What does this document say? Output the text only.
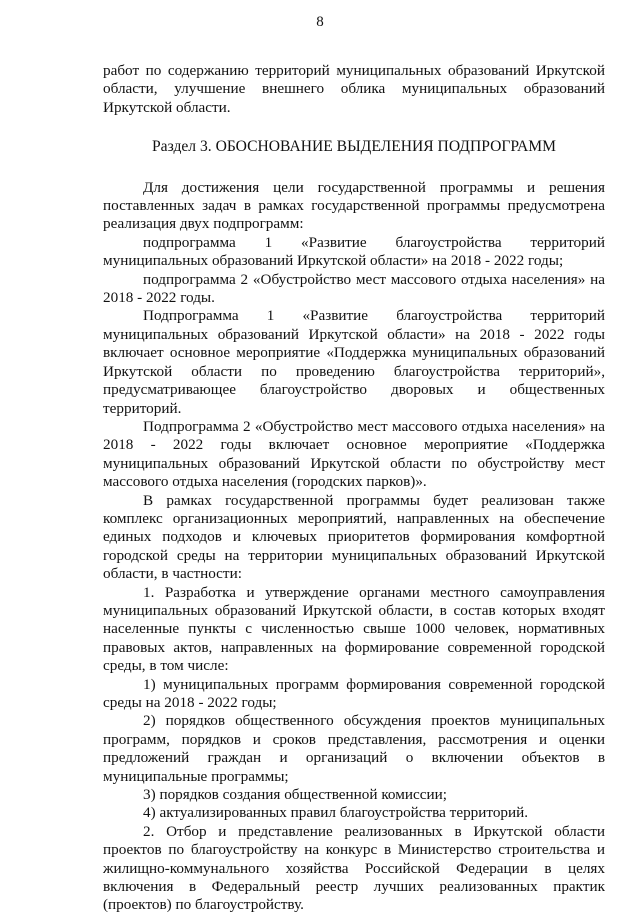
8

работ по содержанию территорий муниципальных образований Иркутской области, улучшение внешнего облика муниципальных образований Иркутской области.

Раздел 3. ОБОСНОВАНИЕ ВЫДЕЛЕНИЯ ПОДПРОГРАММ

Для достижения цели государственной программы и решения поставленных задач в рамках государственной программы предусмотрена реализация двух подпрограмм:

подпрограмма 1 «Развитие благоустройства территорий муниципальных образований Иркутской области» на 2018 - 2022 годы;

подпрограмма 2 «Обустройство мест массового отдыха населения» на 2018 - 2022 годы.

Подпрограмма 1 «Развитие благоустройства территорий муниципальных образований Иркутской области» на 2018 - 2022 годы включает основное мероприятие «Поддержка муниципальных образований Иркутской области по проведению благоустройства территорий», предусматривающее благоустройство дворовых и общественных территорий.

Подпрограмма 2 «Обустройство мест массового отдыха населения» на 2018 - 2022 годы включает основное мероприятие «Поддержка муниципальных образований Иркутской области по обустройству мест массового отдыха населения (городских парков)».

В рамках государственной программы будет реализован также комплекс организационных мероприятий, направленных на обеспечение единых подходов и ключевых приоритетов формирования комфортной городской среды на территории муниципальных образований Иркутской области, в частности:

1. Разработка и утверждение органами местного самоуправления муниципальных образований Иркутской области, в состав которых входят населенные пункты с численностью свыше 1000 человек, нормативных правовых актов, направленных на формирование современной городской среды, в том числе:

1) муниципальных программ формирования современной городской среды на 2018 - 2022 годы;

2) порядков общественного обсуждения проектов муниципальных программ, порядков и сроков представления, рассмотрения и оценки предложений граждан и организаций о включении объектов в муниципальные программы;

3) порядков создания общественной комиссии;

4) актуализированных правил благоустройства территорий.

2. Отбор и представление реализованных в Иркутской области проектов по благоустройству на конкурс в Министерство строительства и жилищно-коммунального хозяйства Российской Федерации в целях включения в Федеральный реестр лучших реализованных практик (проектов) по благоустройству.
